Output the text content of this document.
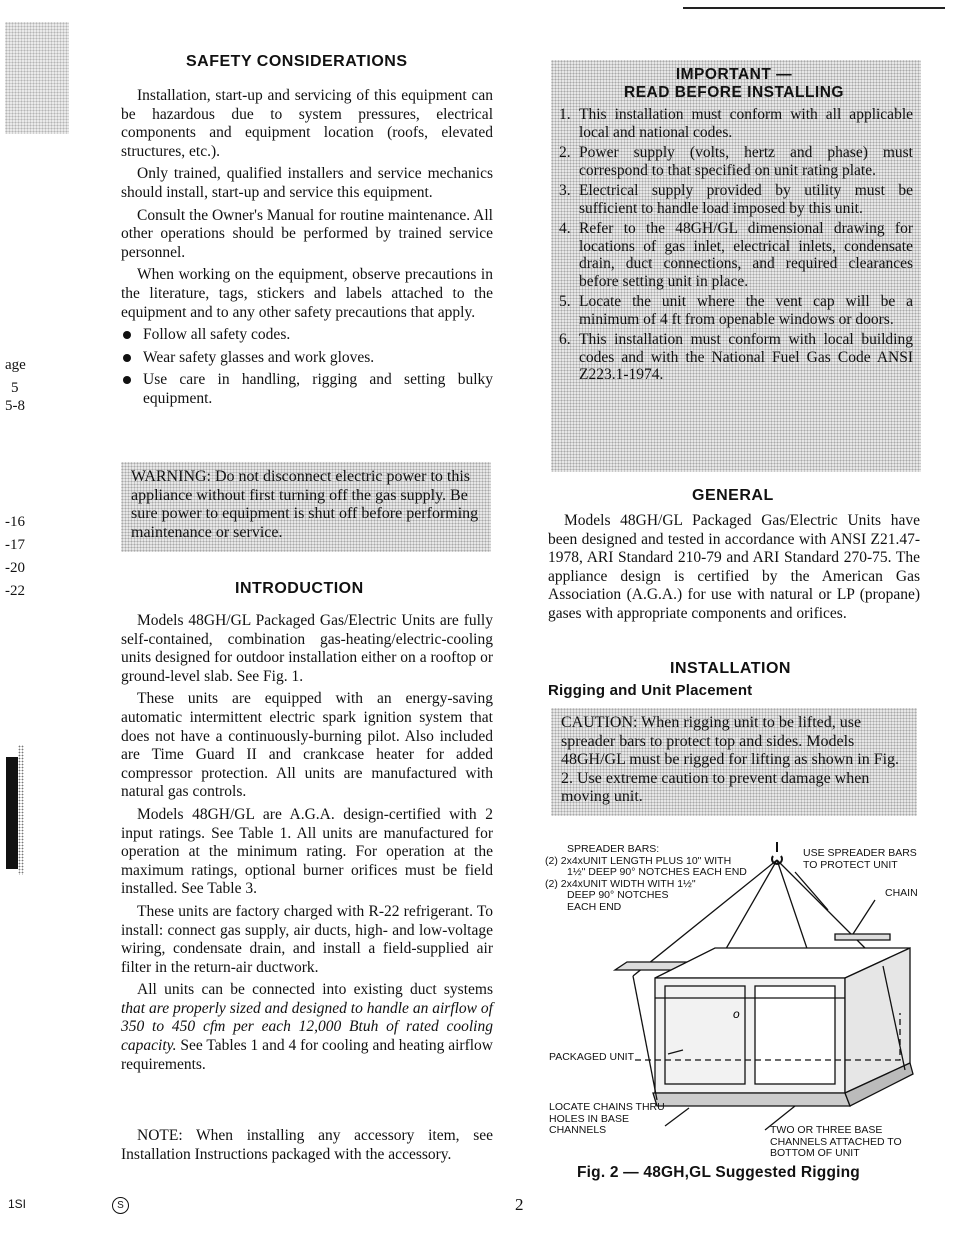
age
5
5-8
-16
-17
-20
-22
SAFETY CONSIDERATIONS

Installation, start-up and servicing of this equipment can be hazardous due to system pressures, electrical components and equipment location (roofs, elevated structures, etc.).

Only trained, qualified installers and service mechanics should install, start-up and service this equipment.

Consult the Owner's Manual for routine maintenance. All other operations should be performed by trained service personnel.

When working on the equipment, observe precautions in the literature, tags, stickers and labels attached to the equipment and to any other safety precautions that apply.

Follow all safety codes.
Wear safety glasses and work gloves.
Use care in handling, rigging and setting bulky equipment.
WARNING: Do not disconnect electric power to this appliance without first turning off the gas supply. Be sure power to equipment is shut off before performing maintenance or service.
INTRODUCTION

Models 48GH/GL Packaged Gas/Electric Units are fully self-contained, combination gas-heating/electric-cooling units designed for outdoor installation either on a rooftop or ground-level slab. See Fig. 1.

These units are equipped with an energy-saving automatic intermittent electric spark ignition system that does not have a continuously-burning pilot. Also included are Time Guard II and crankcase heater for added compressor protection. All units are manufactured with natural gas controls.

Models 48GH/GL are A.G.A. design-certified with 2 input ratings. See Table 1. All units are manufactured for operation at the minimum rating. For operation at the maximum ratings, optional burner orifices must be field installed. See Table 3.

These units are factory charged with R-22 refrigerant. To install: connect gas supply, air ducts, high- and low-voltage wiring, condensate drain, and install a field-supplied air filter in the return-air ductwork.

All units can be connected into existing duct systems that are properly sized and designed to handle an airflow of 350 to 450 cfm per each 12,000 Btuh of rated cooling capacity. See Tables 1 and 4 for cooling and heating airflow requirements.

NOTE: When installing any accessory item, see Installation Instructions packaged with the accessory.

IMPORTANT —
READ BEFORE INSTALLING
1. This installation must conform with all applicable local and national codes.
2. Power supply (volts, hertz and phase) must correspond to that specified on unit rating plate.
3. Electrical supply provided by utility must be sufficient to handle load imposed by this unit.
4. Refer to the 48GH/GL dimensional drawing for locations of gas inlet, electrical inlets, condensate drain, duct connections, and required clearances before setting unit in place.
5. Locate the unit where the vent cap will be a minimum of 4 ft from openable windows or doors.
6. This installation must conform with local building codes and with the National Fuel Gas Code ANSI Z223.1-1974.
GENERAL

Models 48GH/GL Packaged Gas/Electric Units have been designed and tested in accordance with ANSI Z21.47-1978, ARI Standard 210-79 and ARI Standard 270-75. The appliance design is certified by the American Gas Association (A.G.A.) for use with natural or LP (propane) gases with appropriate components and orifices.

INSTALLATION
Rigging and Unit Placement
CAUTION: When rigging unit to be lifted, use spreader bars to protect top and sides. Models 48GH/GL must be rigged for lifting as shown in Fig. 2. Use extreme caution to prevent damage when moving unit.
o
SPREADER BARS:
(2) 2x4xUNIT LENGTH PLUS 10" WITH
1½" DEEP 90° NOTCHES EACH END
(2) 2x4xUNIT WIDTH WITH 1½"
DEEP 90° NOTCHES
EACH END
USE SPREADER BARS
TO PROTECT UNIT
CHAIN
PACKAGED UNIT
LOCATE CHAINS THRU
HOLES IN BASE
CHANNELS	TWO OR THREE BASE
CHANNELS ATTACHED TO
BOTTOM OF UNIT
Fig. 2 — 48GH,GL Suggested Rigging
1SI	S	2
